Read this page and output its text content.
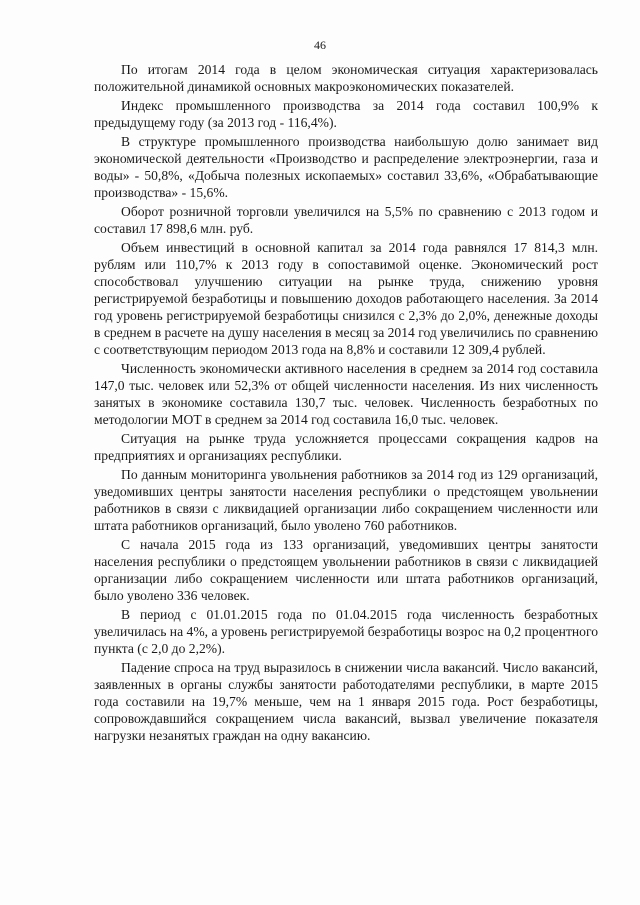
46

По итогам 2014 года в целом экономическая ситуация характеризовалась положительной динамикой основных макроэкономических показателей.

Индекс промышленного производства за 2014 года составил 100,9% к предыдущему году (за 2013 год - 116,4%).

В структуре промышленного производства наибольшую долю занимает вид экономической деятельности «Производство и распределение электроэнергии, газа и воды» - 50,8%, «Добыча полезных ископаемых» составил 33,6%, «Обрабатывающие производства» - 15,6%.

Оборот розничной торговли увеличился на 5,5% по сравнению с 2013 годом и составил 17 898,6 млн. руб.

Объем инвестиций в основной капитал за 2014 года равнялся 17 814,3 млн. рублям или 110,7% к 2013 году в сопоставимой оценке. Экономический рост способствовал улучшению ситуации на рынке труда, снижению уровня регистрируемой безработицы и повышению доходов работающего населения. За 2014 год уровень регистрируемой безработицы снизился с 2,3% до 2,0%, денежные доходы в среднем в расчете на душу населения в месяц за 2014 год увеличились по сравнению с соответствующим периодом 2013 года на 8,8% и составили 12 309,4 рублей.

Численность экономически активного населения в среднем за 2014 год составила 147,0 тыс. человек или 52,3% от общей численности населения. Из них численность занятых в экономике составила 130,7 тыс. человек. Численность безработных по методологии МОТ в среднем за 2014 год составила 16,0 тыс. человек.

Ситуация на рынке труда усложняется процессами сокращения кадров на предприятиях и организациях республики.

По данным мониторинга увольнения работников за 2014 год из 129 организаций, уведомивших центры занятости населения республики о предстоящем увольнении работников в связи с ликвидацией организации либо сокращением численности или штата работников организаций, было уволено 760 работников.

С начала 2015 года из 133 организаций, уведомивших центры занятости населения республики о предстоящем увольнении работников в связи с ликвидацией организации либо сокращением численности или штата работников организаций, было уволено 336 человек.

В период с 01.01.2015 года по 01.04.2015 года численность безработных увеличилась на 4%, а уровень регистрируемой безработицы возрос на 0,2 процентного пункта (с 2,0 до 2,2%).

Падение спроса на труд выразилось в снижении числа вакансий. Число вакансий, заявленных в органы службы занятости работодателями республики, в марте 2015 года составили на 19,7% меньше, чем на 1 января 2015 года. Рост безработицы, сопровождавшийся сокращением числа вакансий, вызвал увеличение показателя нагрузки незанятых граждан на одну вакансию.
